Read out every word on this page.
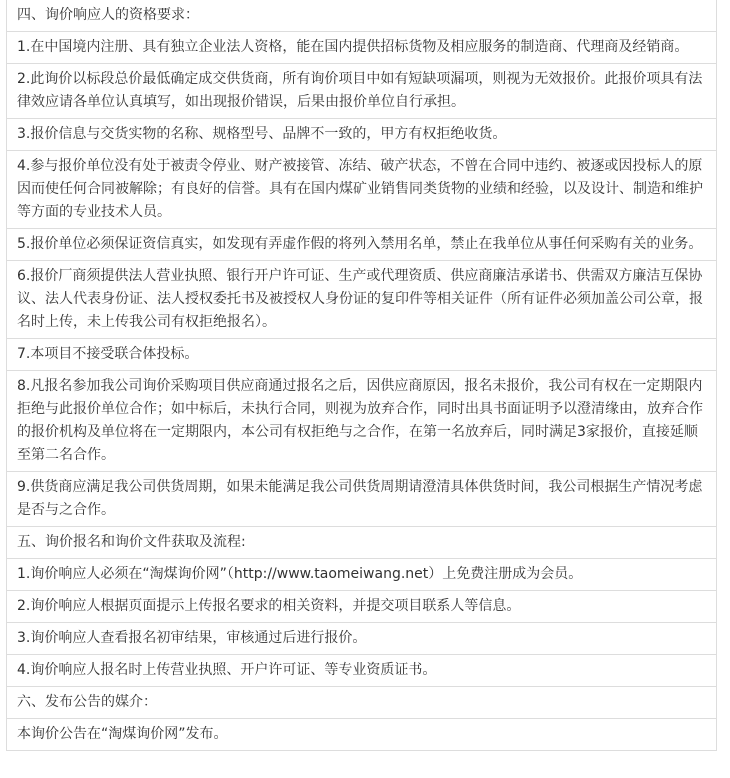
四、询价响应人的资格要求：
1.在中国境内注册、具有独立企业法人资格，能在国内提供招标货物及相应服务的制造商、代理商及经销商。
2.此询价以标段总价最低确定成交供货商，所有询价项目中如有短缺项漏项，则视为无效报价。此报价项具有法律效应请各单位认真填写，如出现报价错误，后果由报价单位自行承担。
3.报价信息与交货实物的名称、规格型号、品牌不一致的，甲方有权拒绝收货。
4.参与报价单位没有处于被责令停业、财产被接管、冻结、破产状态，不曾在合同中违约、被逐或因投标人的原因而使任何合同被解除；有良好的信誉。具有在国内煤矿业销售同类货物的业绩和经验，以及设计、制造和维护等方面的专业技术人员。
5.报价单位必须保证资信真实，如发现有弄虚作假的将列入禁用名单，禁止在我单位从事任何采购有关的业务。
6.报价厂商须提供法人营业执照、银行开户许可证、生产或代理资质、供应商廉洁承诺书、供需双方廉洁互保协议、法人代表身份证、法人授权委托书及被授权人身份证的复印件等相关证件（所有证件必须加盖公司公章，报名时上传，未上传我公司有权拒绝报名）。
7.本项目不接受联合体投标。
8.凡报名参加我公司询价采购项目供应商通过报名之后，因供应商原因，报名未报价，我公司有权在一定期限内拒绝与此报价单位合作；如中标后，未执行合同，则视为放弃合作，同时出具书面证明予以澄清缘由，放弃合作的报价机构及单位将在一定期限内，本公司有权拒绝与之合作，在第一名放弃后，同时满足3家报价，直接延顺至第二名合作。
9.供货商应满足我公司供货周期，如果未能满足我公司供货周期请澄清具体供货时间，我公司根据生产情况考虑是否与之合作。
五、询价报名和询价文件获取及流程:
1.询价响应人必须在“淘煤询价网”（http://www.taomeiwang.net）上免费注册成为会员。
2.询价响应人根据页面提示上传报名要求的相关资料，并提交项目联系人等信息。
3.询价响应人查看报名初审结果，审核通过后进行报价。
4.询价响应人报名时上传营业执照、开户许可证、等专业资质证书。
六、发布公告的媒介：
本询价公告在“淘煤询价网”发布。
